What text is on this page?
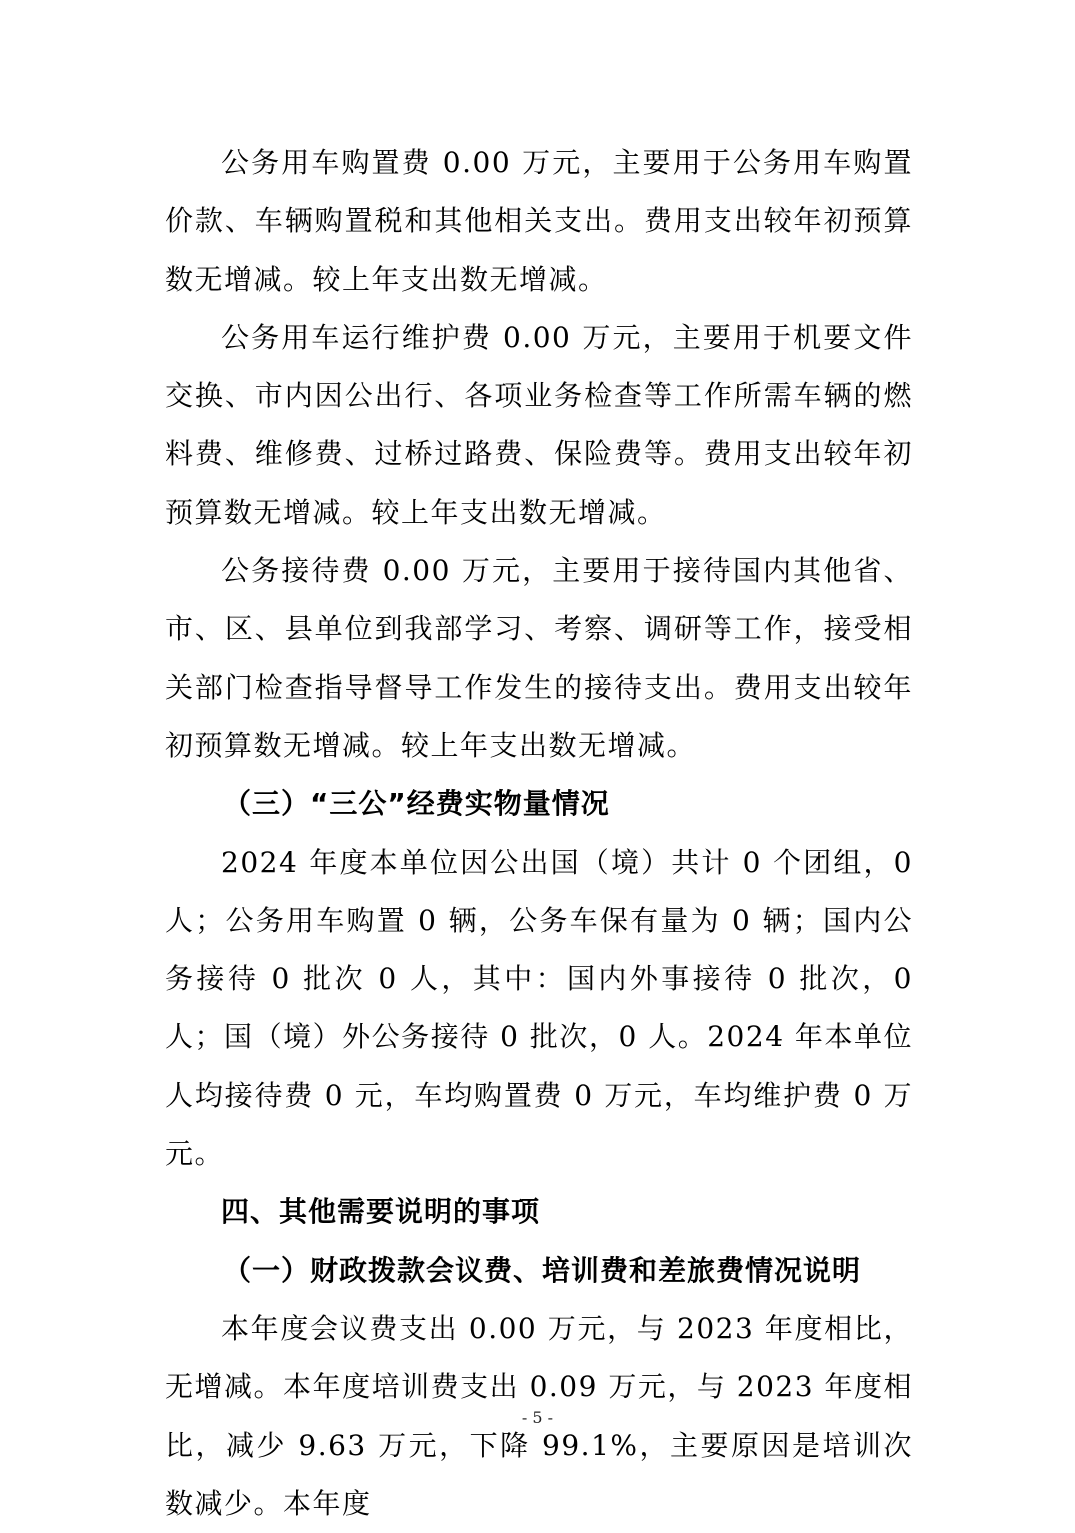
公务用车购置费 0.00 万元，主要用于公务用车购置价款、车辆购置税和其他相关支出。费用支出较年初预算数无增减。较上年支出数无增减。

公务用车运行维护费 0.00 万元，主要用于机要文件交换、市内因公出行、各项业务检查等工作所需车辆的燃料费、维修费、过桥过路费、保险费等。费用支出较年初预算数无增减。较上年支出数无增减。

公务接待费 0.00 万元，主要用于接待国内其他省、市、区、县单位到我部学习、考察、调研等工作，接受相关部门检查指导督导工作发生的接待支出。费用支出较年初预算数无增减。较上年支出数无增减。

（三）“三公”经费实物量情况

2024 年度本单位因公出国（境）共计 0 个团组，0 人；公务用车购置 0 辆，公务车保有量为 0 辆；国内公务接待 0 批次 0 人，其中：国内外事接待 0 批次，0 人；国（境）外公务接待 0 批次，0 人。2024 年本单位人均接待费 0 元，车均购置费 0 万元，车均维护费 0 万元。

四、其他需要说明的事项

（一）财政拨款会议费、培训费和差旅费情况说明

本年度会议费支出 0.00 万元，与 2023 年度相比，无增减。本年度培训费支出 0.09 万元，与 2023 年度相比，减少 9.63 万元，下降 99.1%，主要原因是培训次数减少。本年度

- 5 -
